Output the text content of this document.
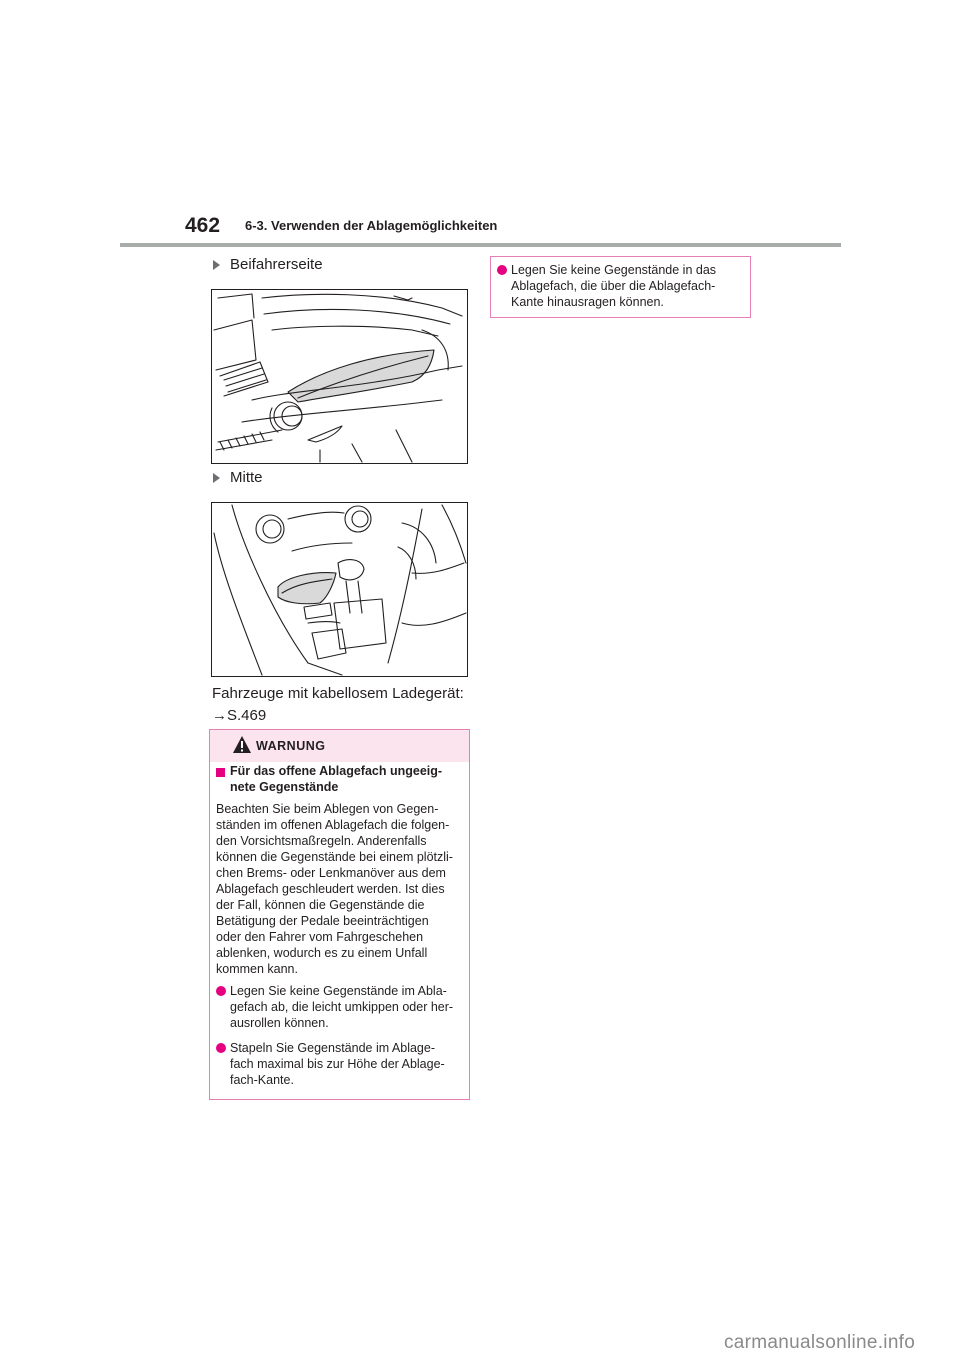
462 6-3. Verwenden der Ablagemöglichkeiten
Beifahrerseite
Mitte
Fahrzeuge mit kabellosem Ladegerät:
→S.469
WARNUNG
Für das offene Ablagefach ungeeig-
nete Gegenstände
Beachten Sie beim Ablegen von Gegen-
ständen im offenen Ablagefach die folgen-
den Vorsichtsmaßregeln. Anderenfalls
können die Gegenstände bei einem plötzli-
chen Brems- oder Lenkmanöver aus dem
Ablagefach geschleudert werden. Ist dies
der Fall, können die Gegenstände die
Betätigung der Pedale beeinträchtigen
oder den Fahrer vom Fahrgeschehen
ablenken, wodurch es zu einem Unfall
kommen kann.
Legen Sie keine Gegenstände im Abla-
gefach ab, die leicht umkippen oder her-
ausrollen können.
Stapeln Sie Gegenstände im Ablage-
fach maximal bis zur Höhe der Ablage-
fach-Kante.
Legen Sie keine Gegenstände in das
Ablagefach, die über die Ablagefach-
Kante hinausragen können.
carmanualsonline.info
